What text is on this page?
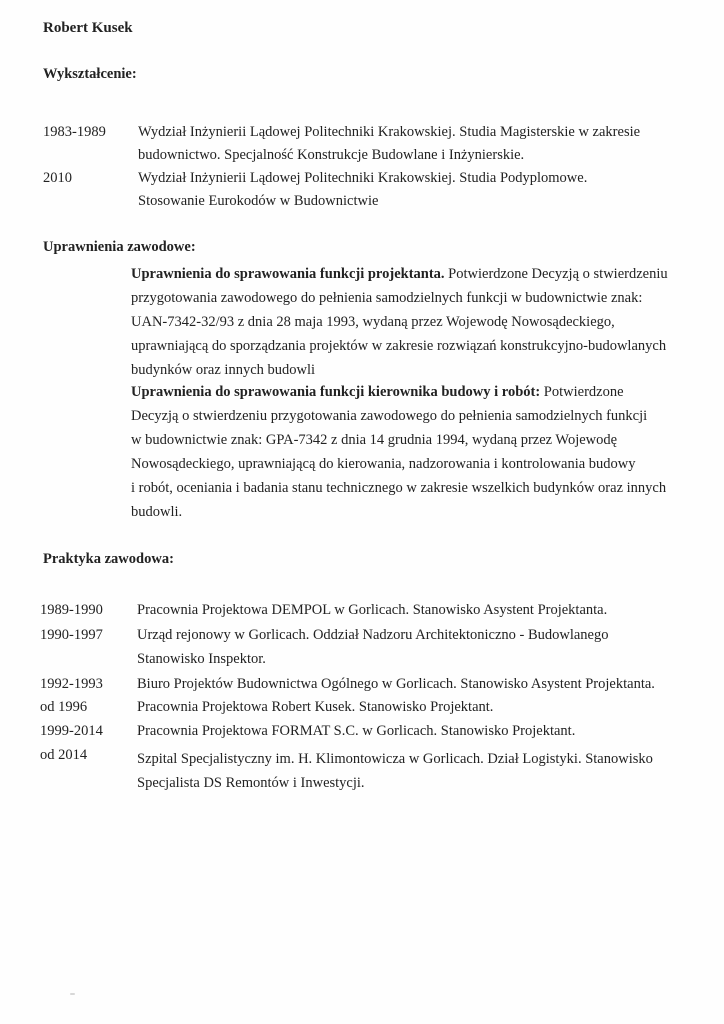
Robert Kusek
Wykształcenie:
1983-1989 Wydział Inżynierii Lądowej Politechniki Krakowskiej. Studia Magisterskie w zakresie
budownictwo. Specjalność Konstrukcje Budowlane i Inżynierskie.
2010	Wydział Inżynierii Lądowej Politechniki Krakowskiej. Studia Podyplomowe.
Stosowanie Eurokodów w Budownictwie
Uprawnienia zawodowe:
Uprawnienia do sprawowania funkcji projektanta. Potwierdzone Decyzją o stwierdzeniu
przygotowania zawodowego do pełnienia samodzielnych funkcji w budownictwie znak:
UAN-7342-32/93 z dnia 28 maja 1993, wydaną przez Wojewodę Nowosądeckiego,
uprawniającą do sporządzania projektów w zakresie rozwiązań konstrukcyjno-budowlanych
budynków oraz innych budowli
Uprawnienia do sprawowania funkcji kierownika budowy i robót: Potwierdzone
Decyzją o stwierdzeniu przygotowania zawodowego do pełnienia samodzielnych funkcji
w budownictwie znak: GPA-7342 z dnia 14 grudnia 1994, wydaną przez Wojewodę
Nowosądeckiego, uprawniającą do kierowania, nadzorowania i kontrolowania budowy
i robót, oceniania i badania stanu technicznego w zakresie wszelkich budynków oraz innych
budowli.
Praktyka zawodowa:
1989-1990 Pracownia Projektowa DEMPOL w Gorlicach. Stanowisko Asystent Projektanta.
1990-1997 Urząd rejonowy w Gorlicach. Oddział Nadzoru Architektoniczno - Budowlanego
Stanowisko Inspektor.
1992-1993 Biuro Projektów Budownictwa Ogólnego w Gorlicach. Stanowisko Asystent Projektanta.
od 1996	Pracownia Projektowa Robert Kusek. Stanowisko Projektant.
1999-2014 Pracownia Projektowa FORMAT S.C. w Gorlicach. Stanowisko Projektant.
od 2014	Szpital Specjalistyczny im. H. Klimontowicza w Gorlicach. Dział Logistyki. Stanowisko
Specjalista DS Remontów i Inwestycji.
